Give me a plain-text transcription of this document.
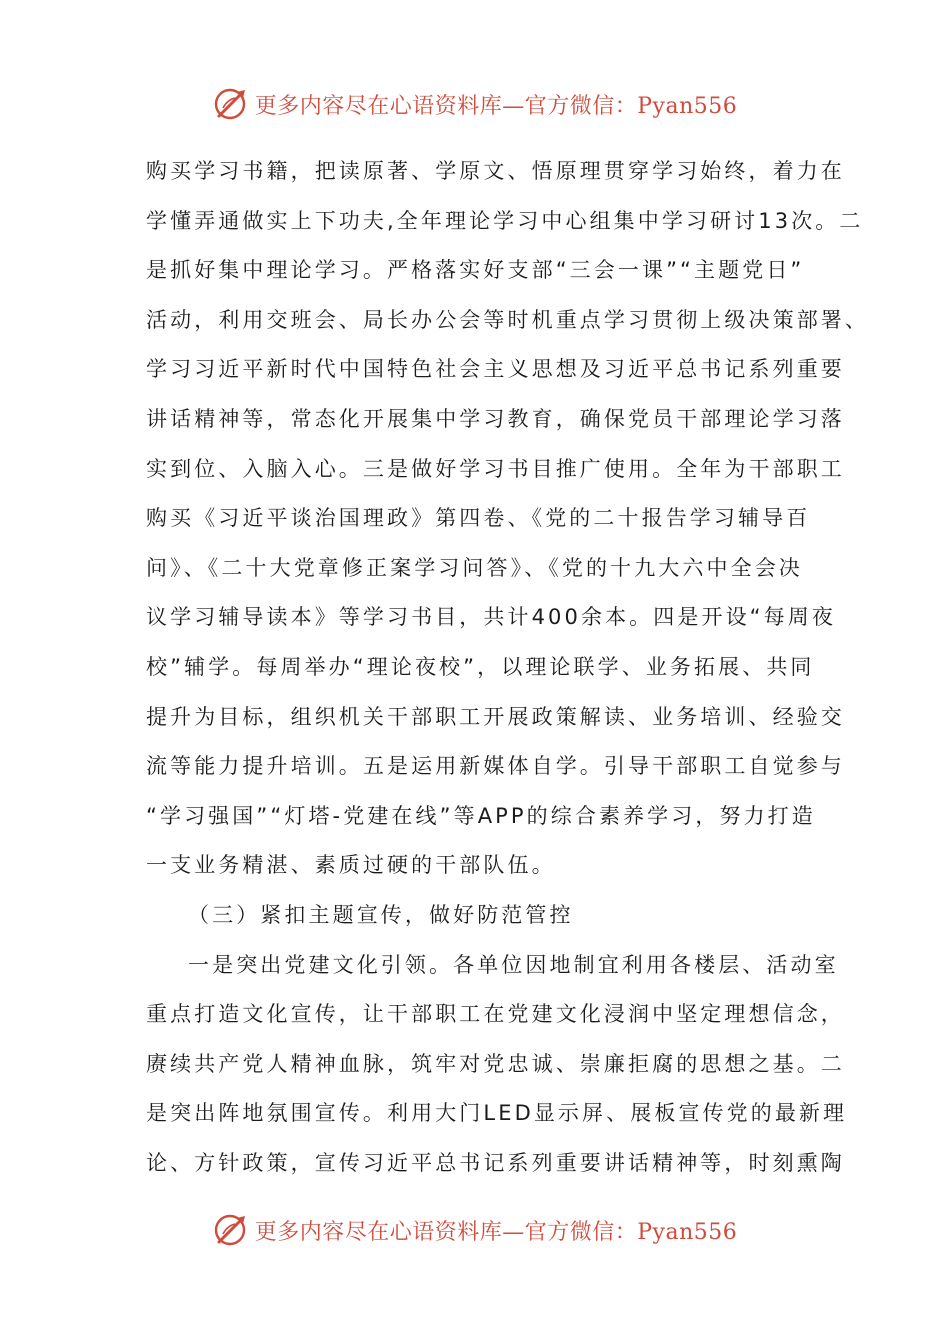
更多内容尽在心语资料库—官方微信：Pyan556
购买学习书籍，把读原著、学原文、悟原理贯穿学习始终，着力在
学懂弄通做实上下功夫,全年理论学习中心组集中学习研讨13次。二
是抓好集中理论学习。严格落实好支部“三会一课”“主题党日”
活动，利用交班会、局长办公会等时机重点学习贯彻上级决策部署、
学习习近平新时代中国特色社会主义思想及习近平总书记系列重要
讲话精神等，常态化开展集中学习教育，确保党员干部理论学习落
实到位、入脑入心。三是做好学习书目推广使用。全年为干部职工
购买《习近平谈治国理政》第四卷、《党的二十报告学习辅导百
问》、《二十大党章修正案学习问答》、《党的十九大六中全会决
议学习辅导读本》等学习书目，共计400余本。四是开设“每周夜
校”辅学。每周举办“理论夜校”，以理论联学、业务拓展、共同
提升为目标，组织机关干部职工开展政策解读、业务培训、经验交
流等能力提升培训。五是运用新媒体自学。引导干部职工自觉参与
“学习强国”“灯塔-党建在线”等APP的综合素养学习，努力打造
一支业务精湛、素质过硬的干部队伍。
（三）紧扣主题宣传，做好防范管控
一是突出党建文化引领。各单位因地制宜利用各楼层、活动室
重点打造文化宣传，让干部职工在党建文化浸润中坚定理想信念，
赓续共产党人精神血脉，筑牢对党忠诚、崇廉拒腐的思想之基。二
是突出阵地氛围宣传。利用大门LED显示屏、展板宣传党的最新理
论、方针政策，宣传习近平总书记系列重要讲话精神等，时刻熏陶
更多内容尽在心语资料库—官方微信：Pyan556
